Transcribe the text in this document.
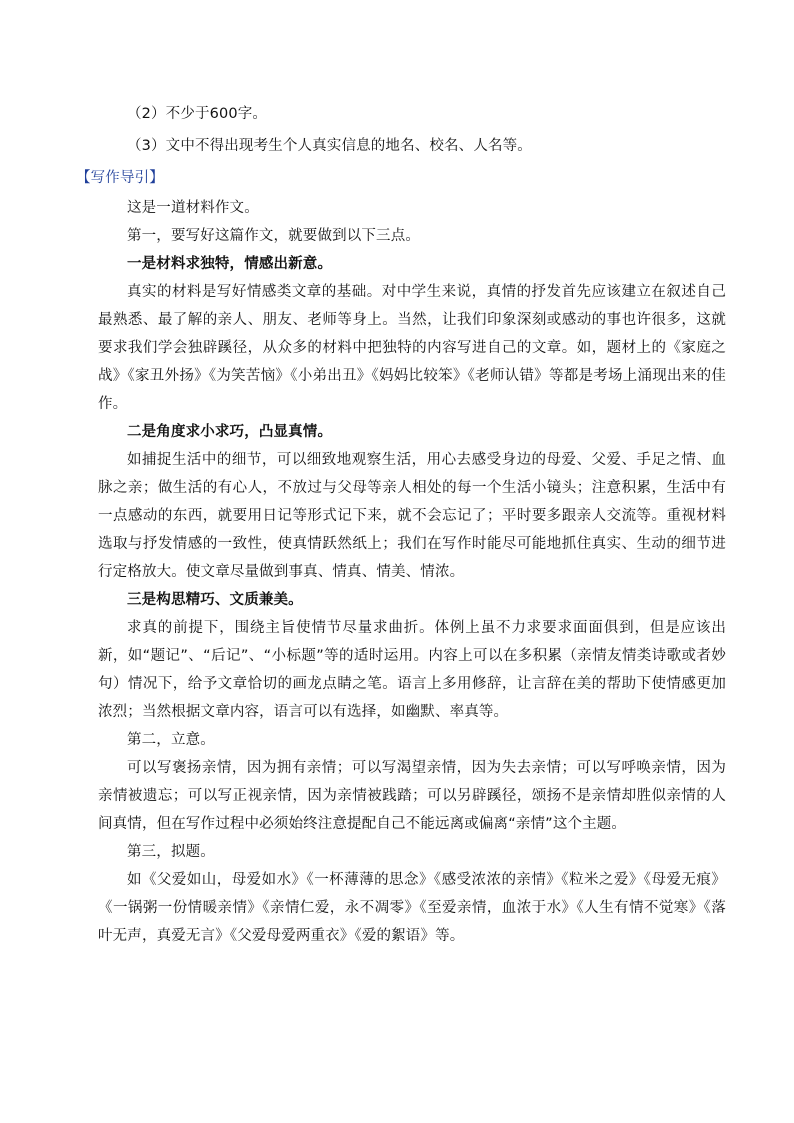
（2）不少于600字。

（3）文中不得出现考生个人真实信息的地名、校名、人名等。

【写作导引】

这是一道材料作文。

第一，要写好这篇作文，就要做到以下三点。

一是材料求独特，情感出新意。

真实的材料是写好情感类文章的基础。对中学生来说，真情的抒发首先应该建立在叙述自己最熟悉、最了解的亲人、朋友、老师等身上。当然，让我们印象深刻或感动的事也许很多，这就要求我们学会独辟蹊径，从众多的材料中把独特的内容写进自己的文章。如，题材上的《家庭之战》《家丑外扬》《为笑苦恼》《小弟出丑》《妈妈比较笨》《老师认错》等都是考场上涌现出来的佳作。

二是角度求小求巧，凸显真情。

如捕捉生活中的细节，可以细致地观察生活，用心去感受身边的母爱、父爱、手足之情、血脉之亲；做生活的有心人，不放过与父母等亲人相处的每一个生活小镜头；注意积累，生活中有一点感动的东西，就要用日记等形式记下来，就不会忘记了；平时要多跟亲人交流等。重视材料选取与抒发情感的一致性，使真情跃然纸上；我们在写作时能尽可能地抓住真实、生动的细节进行定格放大。使文章尽量做到事真、情真、情美、情浓。

三是构思精巧、文质兼美。

求真的前提下，围绕主旨使情节尽量求曲折。体例上虽不力求要求面面俱到，但是应该出新，如“题记”、“后记”、“小标题”等的适时运用。内容上可以在多积累（亲情友情类诗歌或者妙句）情况下，给予文章恰切的画龙点睛之笔。语言上多用修辞，让言辞在美的帮助下使情感更加浓烈；当然根据文章内容，语言可以有选择，如幽默、率真等。

第二，立意。

可以写褒扬亲情，因为拥有亲情；可以写渴望亲情，因为失去亲情；可以写呼唤亲情，因为亲情被遗忘；可以写正视亲情，因为亲情被践踏；可以另辟蹊径，颂扬不是亲情却胜似亲情的人间真情，但在写作过程中必须始终注意提配自己不能远离或偏离“亲情”这个主题。

第三，拟题。

如《父爱如山，母爱如水》《一杯薄薄的思念》《感受浓浓的亲情》《粒米之爱》《母爱无痕》《一锅粥一份情暖亲情》《亲情仁爱，永不凋零》《至爱亲情，血浓于水》《人生有情不觉寒》《落叶无声，真爱无言》《父爱母爱两重衣》《爱的絮语》等。
